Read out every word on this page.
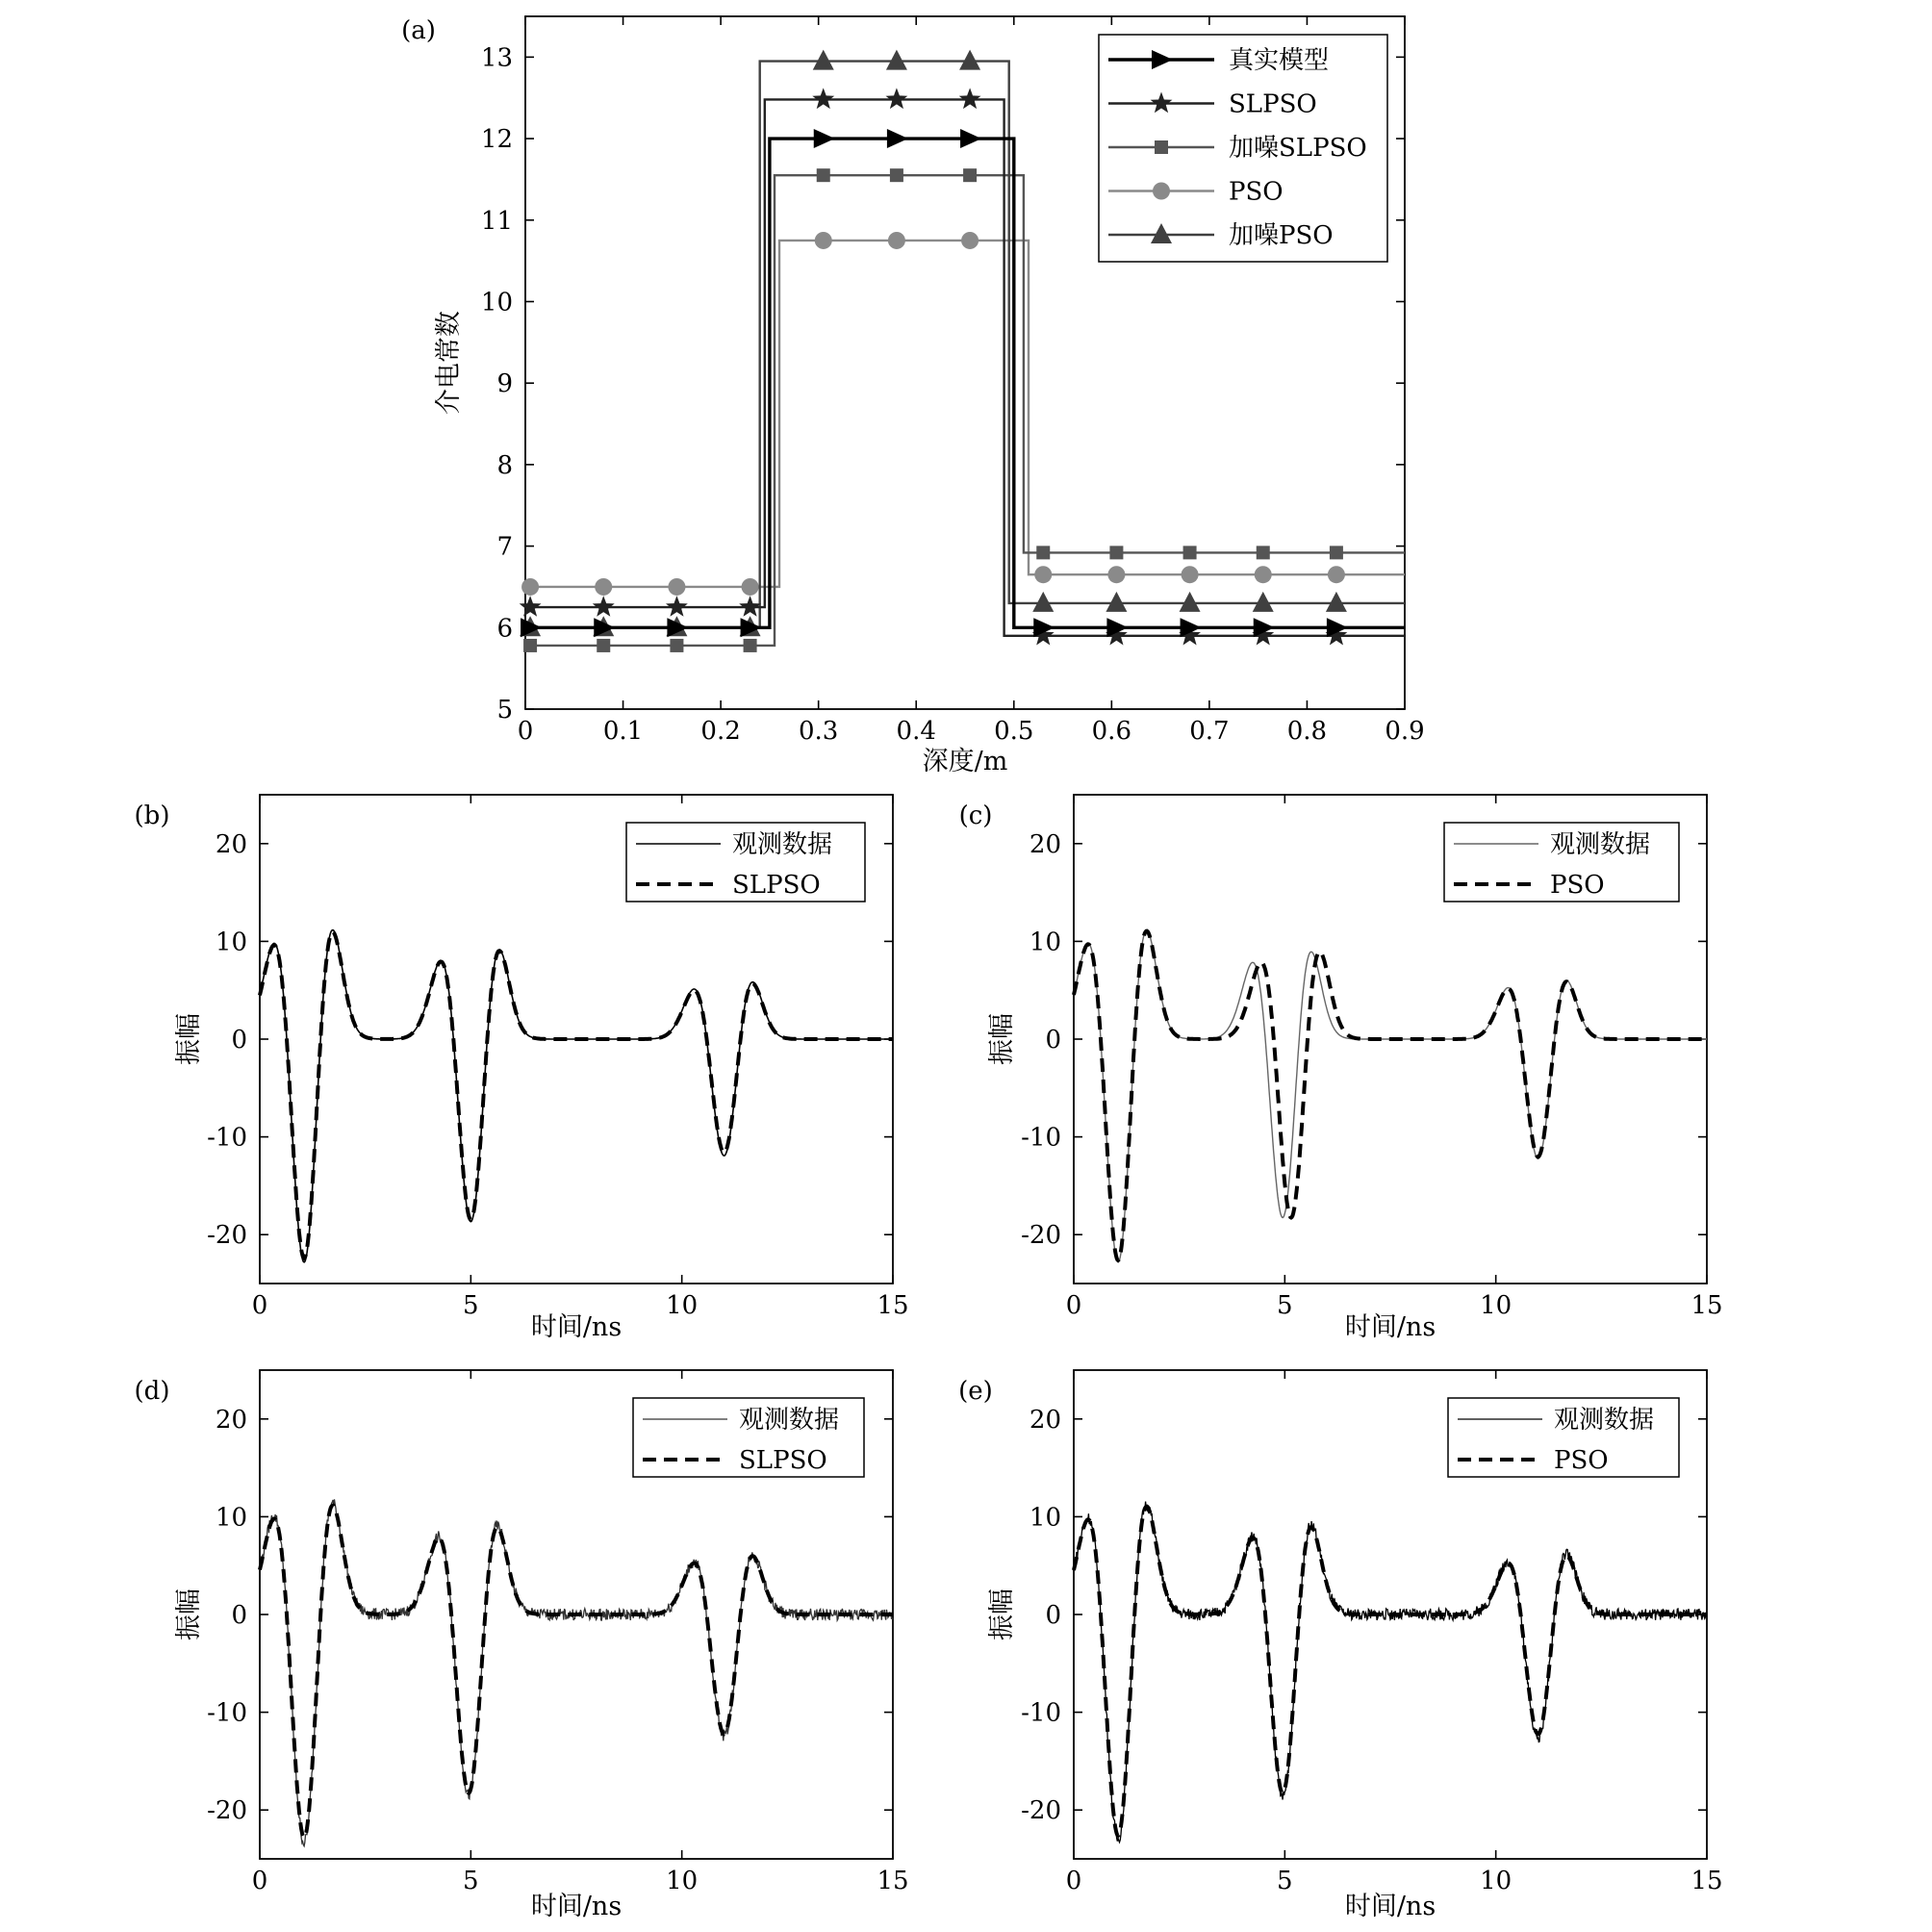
0	0.1 0.2 0.3 0.4 0.5 0.6 0.7 0.8 0.9
5
6
7
8
9
10
11
12
13
深度/m
介电常数
(a)
真实模型
SLPSO
加噪SLPSO
PSO
加噪PSO
0	5	10	15
-20
-10
0
10
20
时间/ns
振幅
(b)
观测数据
SLPSO
0	5	10	15
-20
-10
0
10
20
时间/ns
振幅
(c)
观测数据
PSO
0	5	10	15
-20
-10
0
10
20
时间/ns
振幅
(d)
观测数据
SLPSO
0	5	10	15
-20
-10
0
10
20
时间/ns
振幅
(e)
观测数据
PSO
